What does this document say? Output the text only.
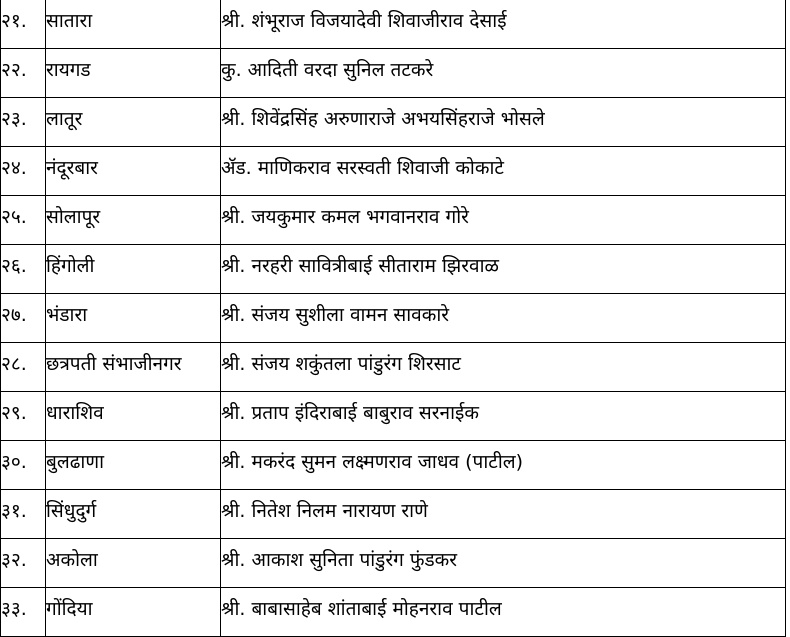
२१.	सातारा	श्री. शंभूराज विजयादेवी शिवाजीराव देसाई
२२.	रायगड	कु. आदिती वरदा सुनिल तटकरे
२३.	लातूर	श्री. शिवेंद्रसिंह अरुणाराजे अभयसिंहराजे भोसले
२४.	नंदूरबार	ॲड. माणिकराव सरस्वती शिवाजी कोकाटे
२५.	सोलापूर	श्री. जयकुमार कमल भगवानराव गोरे
२६.	हिंगोली	श्री. नरहरी सावित्रीबाई सीताराम झिरवाळ
२७.	भंडारा	श्री. संजय सुशीला वामन सावकारे
२८.	छत्रपती संभाजीनगर	श्री. संजय शकुंतला पांडुरंग शिरसाट
२९.	धाराशिव	श्री. प्रताप इंदिराबाई बाबुराव सरनाईक
३०.	बुलढाणा	श्री. मकरंद सुमन लक्ष्मणराव जाधव (पाटील)
३१.	सिंधुदुर्ग	श्री. नितेश निलम नारायण राणे
३२.	अकोला	श्री. आकाश सुनिता पांडुरंग फुंडकर
३३.	गोंदिया	श्री. बाबासाहेब शांताबाई मोहनराव पाटील
